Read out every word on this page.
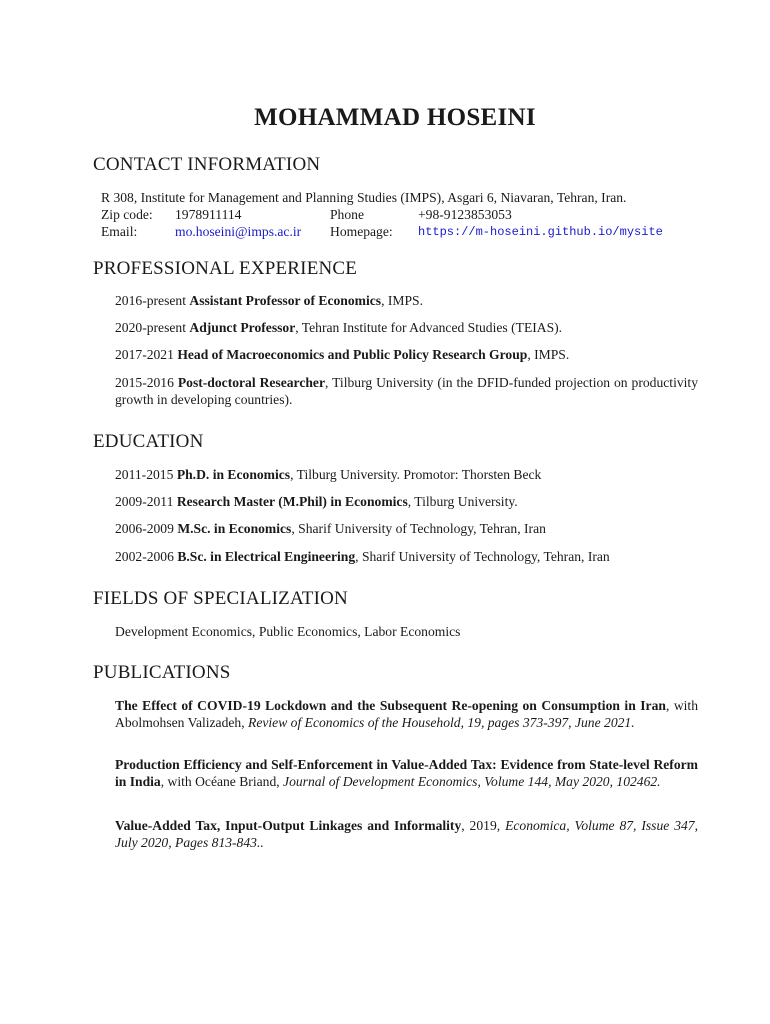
MOHAMMAD HOSEINI
CONTACT INFORMATION
R 308, Institute for Management and Planning Studies (IMPS), Asgari 6, Niavaran, Tehran, Iran.
Zip code: 1978911114	Phone	+98-9123853053
Email:	mo.hoseini@imps.ac.ir Homepage: https://m-hoseini.github.io/mysite
PROFESSIONAL EXPERIENCE
2016-present Assistant Professor of Economics, IMPS.
2020-present Adjunct Professor, Tehran Institute for Advanced Studies (TEIAS).
2017-2021 Head of Macroeconomics and Public Policy Research Group, IMPS.
2015-2016 Post-doctoral Researcher, Tilburg University (in the DFID-funded projection on productivity growth in developing countries).
EDUCATION
2011-2015 Ph.D. in Economics, Tilburg University. Promotor: Thorsten Beck
2009-2011 Research Master (M.Phil) in Economics, Tilburg University.
2006-2009 M.Sc. in Economics, Sharif University of Technology, Tehran, Iran
2002-2006 B.Sc. in Electrical Engineering, Sharif University of Technology, Tehran, Iran
FIELDS OF SPECIALIZATION
Development Economics, Public Economics, Labor Economics
PUBLICATIONS
The Effect of COVID-19 Lockdown and the Subsequent Re-opening on Consumption in Iran, with Abolmohsen Valizadeh, Review of Economics of the Household, 19, pages 373-397, June 2021.
Production Efficiency and Self-Enforcement in Value-Added Tax: Evidence from State-level Reform in India, with Océane Briand, Journal of Development Economics, Volume 144, May 2020, 102462.
Value-Added Tax, Input-Output Linkages and Informality, 2019, Economica, Volume 87, Issue 347, July 2020, Pages 813-843..
